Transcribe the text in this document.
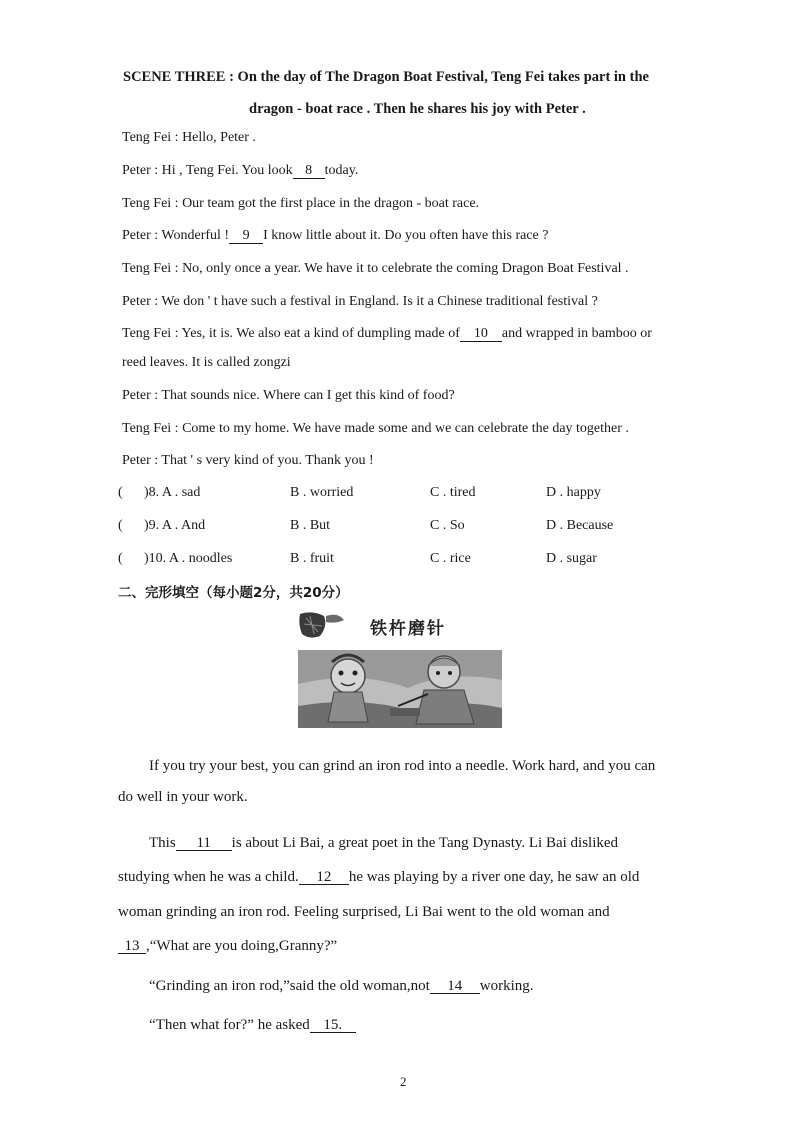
SCENE THREE : On the day of The Dragon Boat Festival, Teng Fei takes part in the
dragon - boat race . Then he shares his joy with Peter .
Teng Fei : Hello, Peter .
Peter : Hi , Teng Fei. You look 8 today.
Teng Fei : Our team got the first place in the dragon - boat race.
Peter : Wonderful ! 9 I know little about it. Do you often have this race ?
Teng Fei : No, only once a year. We have it to celebrate the coming Dragon Boat Festival .
Peter : We don ' t have such a festival in England. Is it a Chinese traditional festival ?
Teng Fei : Yes, it is. We also eat a kind of dumpling made of 10 and wrapped in bamboo or
reed leaves. It is called zongzi
Peter : That sounds nice. Where can I get this kind of food?
Teng Fei : Come to my home. We have made some and we can celebrate the day together .
Peter : That ' s very kind of you. Thank you !
( )8. A . sad	B . worried	C . tired	D . happy
( )9. A . And	B . But	C . So	D . Because
( )10. A . noodles	B . fruit	C . rice	D . sugar
二、完形填空（每小题2分，共20分）
铁杵磨针
If you try your best, you can grind an iron rod into a needle. Work hard, and you can
do well in your work.
This 11 is about Li Bai, a great poet in the Tang Dynasty. Li Bai disliked
studying when he was a child. 12 he was playing by a river one day, he saw an old
woman grinding an iron rod. Feeling surprised, Li Bai went to the old woman and
13 ,“What are you doing,Granny?”
“Grinding an iron rod,”said the old woman,not 14 working.
“Then what for?” he asked 15.
2
